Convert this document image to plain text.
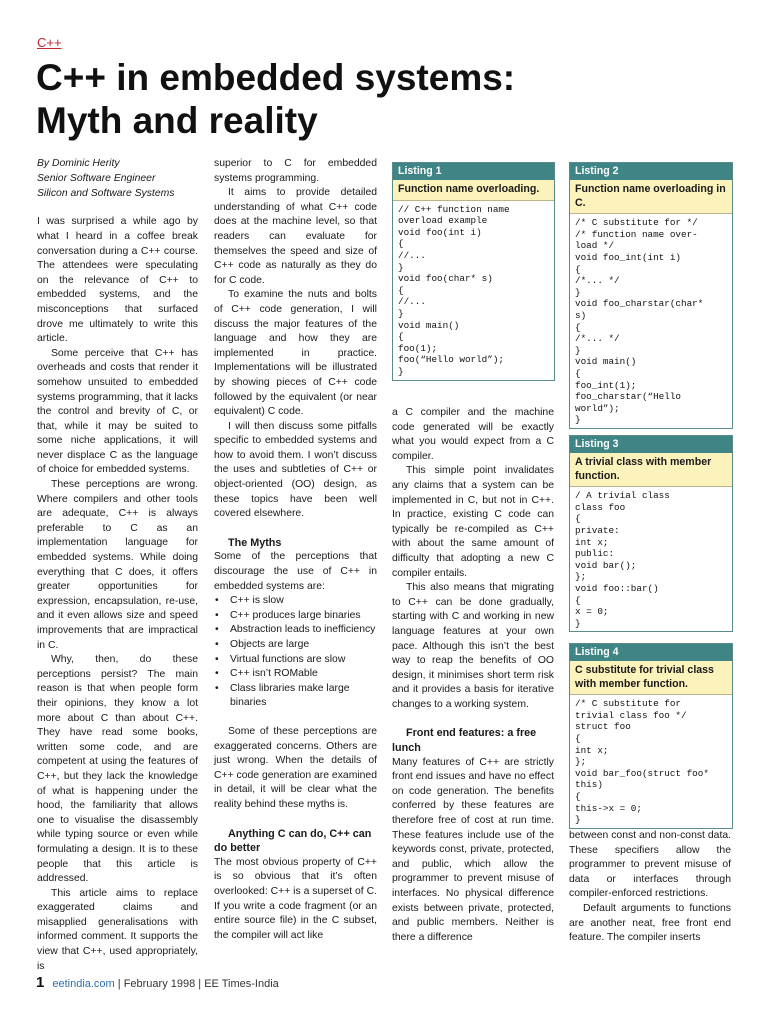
C++
C++ in embedded systems:
Myth and reality
By Dominic Herity
Senior Software Engineer
Silicon and Software Systems

I was surprised a while ago by what I heard in a coffee break conversation during a C++ course. The attendees were speculating on the relevance of C++ to embedded systems, and the misconceptions that surfaced drove me ultimately to write this article.

Some perceive that C++ has overheads and costs that render it somehow unsuited to embedded systems programming, that it lacks the control and brevity of C, or that, while it may be suited to some niche applications, it will never displace C as the language of choice for embedded systems.

These perceptions are wrong. Where compilers and other tools are adequate, C++ is always preferable to C as an implementation language for embedded systems. While doing everything that C does, it offers greater opportunities for expression, encapsulation, re-use, and it even allows size and speed improvements that are impractical in C.

Why, then, do these perceptions persist? The main reason is that when people form their opinions, they know a lot more about C than about C++. They have read some books, written some code, and are competent at using the features of C++, but they lack the knowledge of what is happening under the hood, the familiarity that allows one to visualise the disassembly while typing source or even while formulating a design. It is to these people that this article is addressed.

This article aims to replace exaggerated claims and misapplied generalisations with informed comment. It supports the view that C++, used appropriately, is

superior to C for embedded systems programming.

It aims to provide detailed understanding of what C++ code does at the machine level, so that readers can evaluate for themselves the speed and size of C++ code as naturally as they do for C code.

To examine the nuts and bolts of C++ code generation, I will discuss the major features of the language and how they are implemented in practice. Implementations will be illustrated by showing pieces of C++ code followed by the equivalent (or near equivalent) C code.

I will then discuss some pitfalls specific to embedded systems and how to avoid them. I won’t discuss the uses and subtleties of C++ or object-oriented (OO) design, as these topics have been well covered elsewhere.

The Myths

Some of the perceptions that discourage the use of C++ in embedded systems are:

• C++ is slow
• C++ produces large binaries
• Abstraction leads to inefficiency
• Objects are large
• Virtual functions are slow
• C++ isn’t ROMable
• Class libraries make large binaries

Some of these perceptions are exaggerated concerns. Others are just wrong. When the details of C++ code generation are examined in detail, it will be clear what the reality behind these myths is.

Anything C can do, C++ can do better

The most obvious property of C++ is so obvious that it’s often overlooked: C++ is a superset of C. If you write a code fragment (or an entire source file) in the C subset, the compiler will act like

Listing 1
Function name overloading.
// C++ function name
overload example
void foo(int i)
{
//...
}
void foo(char* s)
{
//...
}
void main()
{
foo(1);
foo(“Hello world”);
}

a C compiler and the machine code generated will be exactly what you would expect from a C compiler.

This simple point invalidates any claims that a system can be implemented in C, but not in C++. In practice, existing C code can typically be re-compiled as C++ with about the same amount of difficulty that adopting a new C compiler entails.

This also means that migrating to C++ can be done gradually, starting with C and working in new language features at your own pace. Although this isn’t the best way to reap the benefits of OO design, it minimises short term risk and it provides a basis for iterative changes to a working system.

Front end features: a free lunch

Many features of C++ are strictly front end issues and have no effect on code generation. The benefits conferred by these features are therefore free of cost at run time. These features include use of the keywords const, private, protected, and public, which allow the programmer to prevent misuse of interfaces. No physical difference exists between private, protected, and public members. Neither is there a difference

Listing 2
Function name overloading in C.
/* C substitute for */
/* function name over-
load */
void foo_int(int i)
{
/*... */
}
void foo_charstar(char*
s)
{
/*... */
}
void main()
{
foo_int(1);
foo_charstar(“Hello
world”);
}
Listing 3
A trivial class with member function.
/ A trivial class
class foo
{
private:
int x;
public:
void bar();
};
void foo::bar()
{
x = 0;
}
Listing 4
C substitute for trivial class with member function.
/* C substitute for
trivial class foo */
struct foo
{
int x;
};
void bar_foo(struct foo*
this)
{
this->x = 0;
}

between const and non-const data. These specifiers allow the programmer to prevent misuse of data or interfaces through compiler-enforced restrictions.

Default arguments to functions are another neat, free front end feature. The compiler inserts

1 eetindia.com | February 1998 | EE Times-India
